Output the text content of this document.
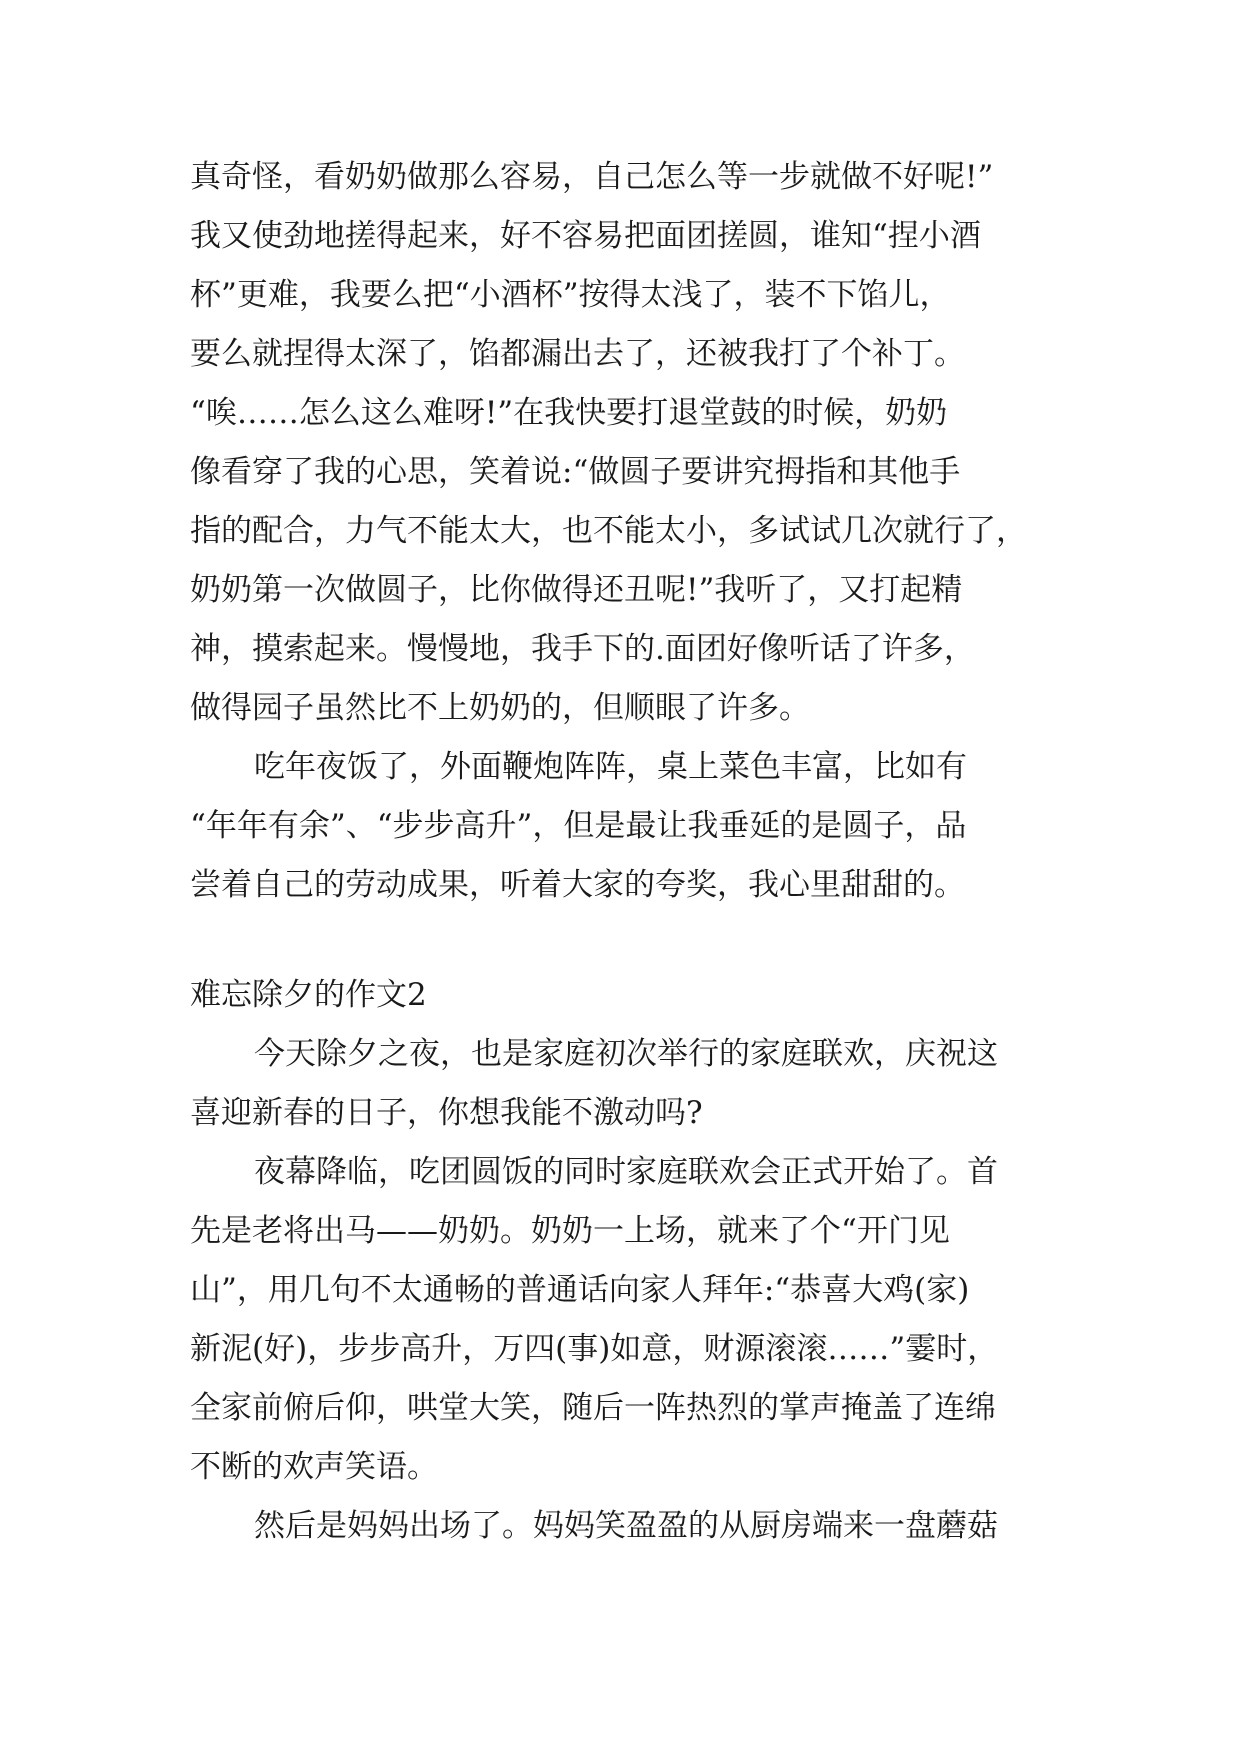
真奇怪，看奶奶做那么容易，自己怎么等一步就做不好呢!”
我又使劲地搓得起来，好不容易把面团搓圆，谁知“捏小酒
杯”更难，我要么把“小酒杯”按得太浅了，装不下馅儿，
要么就捏得太深了，馅都漏出去了，还被我打了个补丁。
“唉……怎么这么难呀!”在我快要打退堂鼓的时候，奶奶
像看穿了我的心思，笑着说:“做圆子要讲究拇指和其他手
指的配合，力气不能太大，也不能太小，多试试几次就行了，
奶奶第一次做圆子，比你做得还丑呢!”我听了，又打起精
神，摸索起来。慢慢地，我手下的.面团好像听话了许多，
做得园子虽然比不上奶奶的，但顺眼了许多。
吃年夜饭了，外面鞭炮阵阵，桌上菜色丰富，比如有
“年年有余”、“步步高升”，但是最让我垂延的是圆子，品
尝着自己的劳动成果，听着大家的夸奖，我心里甜甜的。
难忘除夕的作文2
今天除夕之夜，也是家庭初次举行的家庭联欢，庆祝这
喜迎新春的日子，你想我能不激动吗?
夜幕降临，吃团圆饭的同时家庭联欢会正式开始了。首
先是老将出马——奶奶。奶奶一上场，就来了个“开门见
山”，用几句不太通畅的普通话向家人拜年:“恭喜大鸡(家)
新泥(好)，步步高升，万四(事)如意，财源滚滚……”霎时，
全家前俯后仰，哄堂大笑，随后一阵热烈的掌声掩盖了连绵
不断的欢声笑语。
然后是妈妈出场了。妈妈笑盈盈的从厨房端来一盘蘑菇
